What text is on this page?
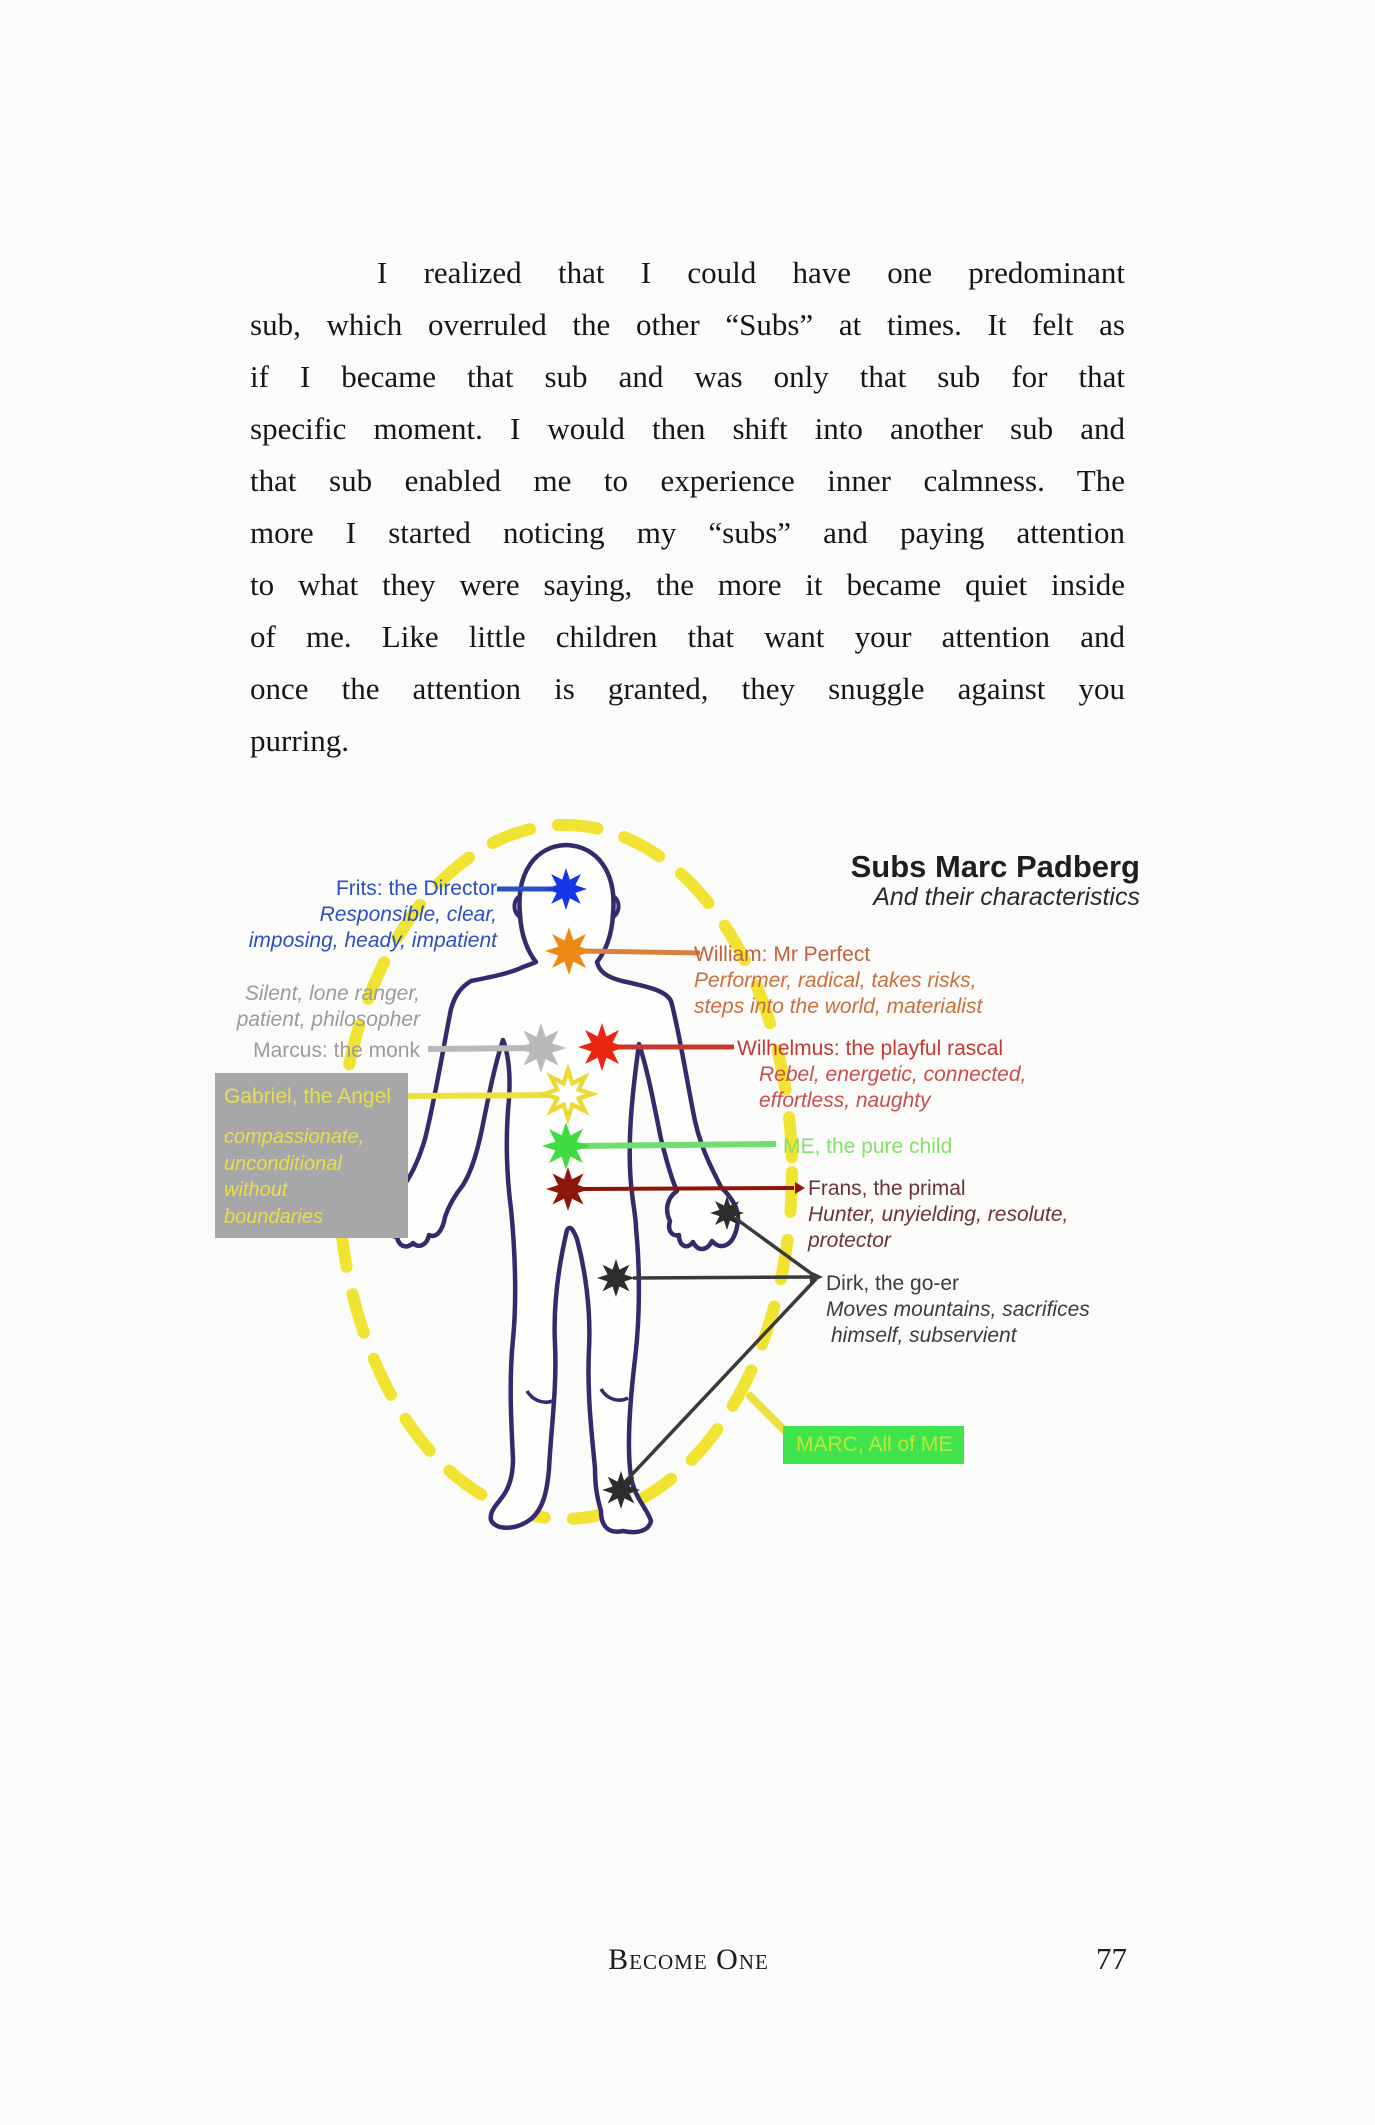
I realized that I could have one predominant
sub, which overruled the other “Subs” at times. It felt as
if I became that sub and was only that sub for that
specific moment. I would then shift into another sub and
that sub enabled me to experience inner calmness. The
more I started noticing my “subs” and paying attention
to what they were saying, the more it became quiet inside
of me. Like little children that want your attention and
once the attention is granted, they snuggle against you
purring.
Subs Marc Padberg
And their characteristics
Frits: the Director
Responsible, clear,
imposing, heady, impatient
Silent, lone ranger,
patient, philosopher
Marcus: the monk
William: Mr Perfect
Performer, radical, takes risks,
steps into the world, materialist
Wilhelmus: the playful rascal
Rebel, energetic, connected,
effortless, naughty
Gabriel, the Angel
compassionate,
unconditional
without
boundaries
ME, the pure child
Frans, the primal
Hunter, unyielding, resolute,
protector
Dirk, the go-er
Moves mountains, sacrifices
himself, subservient
MARC, All of ME
Become One	77
